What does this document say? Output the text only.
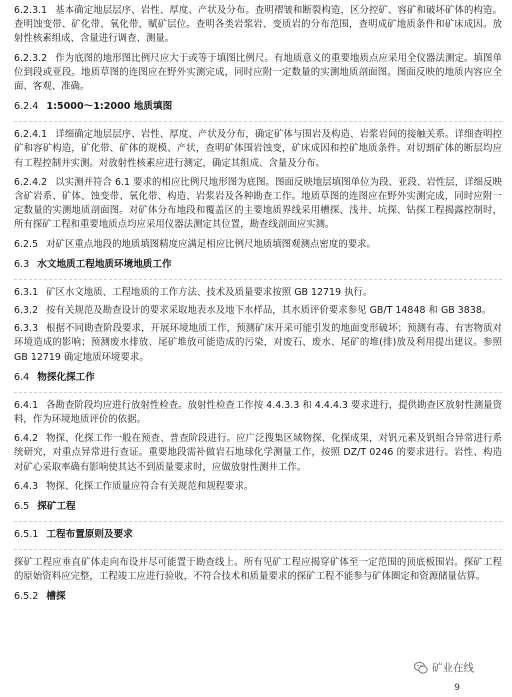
6.2.3.1 基本确定地层层序、岩性、厚度、产状及分布。查明褶皱和断裂构造，区分控矿、容矿和破坏矿体的构造。查明蚀变带、矿化带、氧化带、赋矿层位。查明各类岩浆岩、变质岩的分布范围，查明成矿地质条件和矿床成因。放射性核素组成、含量进行调查、测量。

6.2.3.2 作为底图的地形图比例尺应大于或等于填图比例尺。有地质意义的重要地质点应采用全仪器法测定。填图单位到段或亚段。地质草图的连图应在野外实测完成，同时应附一定数量的实测地质剖面图。图面反映的地质内容应全面、客观、准确。

6.2.4 1:5000～1:2000 地质填图

6.2.4.1 详细确定地层层序、岩性、厚度、产状及分布，确定矿体与围岩及构造、岩浆岩间的接触关系。详细查明控矿和容矿构造，矿化带、矿体的规模、产状，查明矿体围岩蚀变，矿床成因和控矿地质条件。对切割矿体的断层均应有工程控制并实测。对放射性核素应进行测定，确定其组成、含量及分布。

6.2.4.2 以实测并符合 6.1 要求的相应比例尺地形图为底图。图面反映地层填图单位为段、亚段、岩性层，详细反映含矿岩系、矿体、蚀变带、氧化带、构造、岩浆岩及各种勘查工作。地质草图的连图应在野外实测完成，同时应附一定数量的实测地质剖面图。对矿体分布地段和覆盖区的主要地质界线采用槽探、浅井、坑探、钻探工程揭露控制时，所有探矿工程和重要地质点均应采用仪器法测定其位置，勘查线剖面应实测。

6.2.5 对矿区重点地段的地质填图精度应满足相应比例尺地质填图观测点密度的要求。

6.3 水文地质工程地质环境地质工作

6.3.1 矿区水文地质、工程地质的工作方法、技术及质量要求按照 GB 12719 执行。

6.3.2 按有关规范及勘查设计的要求采取地表水及地下水样品，其水质评价要求参见 GB/T 14848 和 GB 3838。

6.3.3 根据不同勘查阶段要求，开展环境地质工作，预测矿床开采可能引发的地面变形破坏；预测有毒、有害物质对环境造成的影响；预测废水排放、尾矿堆放可能造成的污染，对废石、废水、尾矿的堆(排)放及利用提出建议。参照 GB 12719 确定地质环境要求。

6.4 物探化探工作

6.4.1 各勘查阶段均应进行放射性检查。放射性检查工作按 4.4.3.3 和 4.4.4.3 要求进行，提供勘查区放射性测量资料，作为环境地质评价的依据。

6.4.2 物探、化探工作一般在预查、普查阶段进行。应广泛搜集区域物探、化探成果，对钒元素及钒组合异常进行系统研究，对重点异常进行查证。重要地段需补做岩石地球化学测量工作，按照 DZ/T 0246 的要求进行。岩性、构造对矿心采取率确有影响使其达不到质量要求时，应做放射性测井工作。

6.4.3 物探、化探工作质量应符合有关规范和规程要求。

6.5 探矿工程
6.5.1 工程布置原则及要求

探矿工程应垂直矿体走向布设并尽可能置于勘查线上。所有见矿工程应揭穿矿体至一定范围的顶底板围岩。探矿工程的原始资料应完整，工程竣工应进行验收，不符合技术和质量要求的探矿工程不能参与矿体圈定和资源储量估算。

6.5.2 槽探
矿业在线
9
